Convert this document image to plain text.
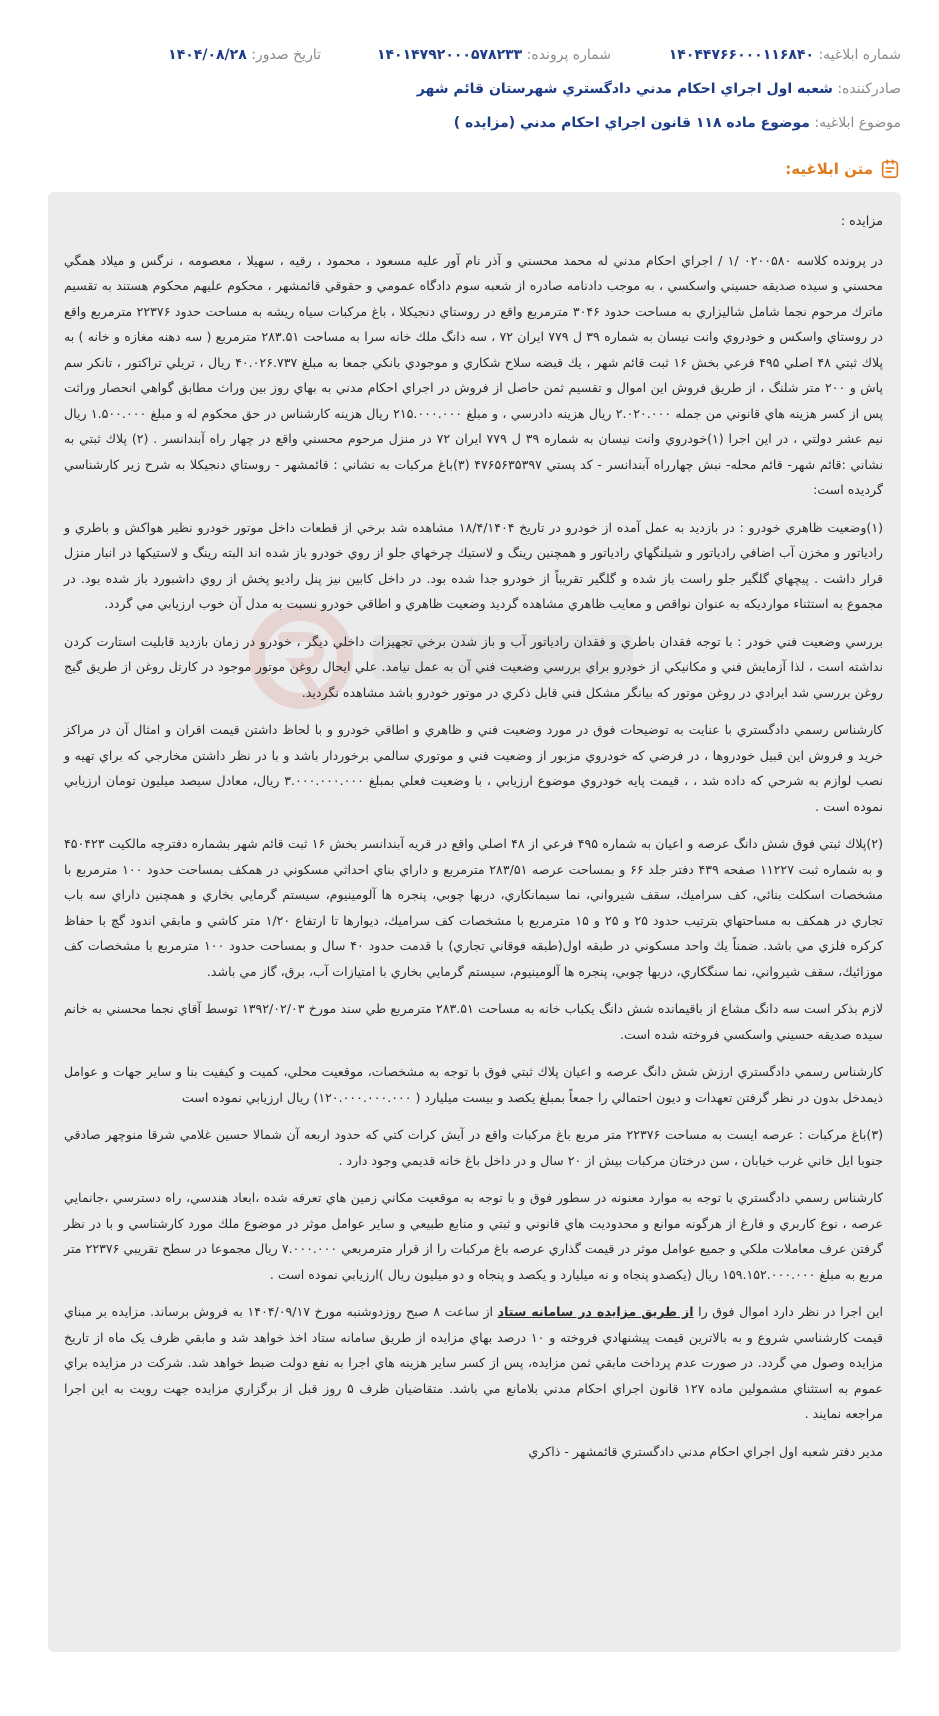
شماره ابلاغيه: ۱۴۰۴۴۷۶۶۰۰۰۱۱۶۸۴۰
شماره پرونده: ۱۴۰۱۴۷۹۲۰۰۰۵۷۸۲۳۳
تاريخ صدور: ۱۴۰۴/۰۸/۲۸
صادركننده: شعبه اول اجراي احكام مدني دادگستري شهرستان قائم شهر
موضوع ابلاغيه: موضوع ماده ۱۱۸ قانون اجراي احكام مدني (مزايده )
متن ابلاغيه:

مزايده :

در پرونده كلاسه ۰۲۰۰۵۸۰ /۱ / اجراي احكام مدني له محمد محسني و آذر نام آور عليه مسعود ، محمود ، رقيه ، سهيلا ، معصومه ، نرگس و ميلاد همگي محسني و سيده صديقه حسيني واسكسي ، به موجب دادنامه صادره از شعبه سوم دادگاه عمومي و حقوقي قائمشهر ، محكوم عليهم محكوم هستند به تقسيم ماترك مرحوم نجما شامل شاليزاري به مساحت حدود ۳۰۴۶ مترمربع واقع در روستاي دنجيكلا ، باغ مركبات سياه ريشه به مساحت حدود ۲۲۳۷۶ مترمربع واقع در روستاي واسكس و خودروي وانت نيسان به شماره ۳۹ ل ۷۷۹ ايران ۷۲ ، سه دانگ ملك خانه سرا به مساحت ۲۸۳.۵۱ مترمربع ( سه دهنه مغازه و خانه ) به پلاك ثبتي ۴۸ اصلي ۴۹۵ فرعي بخش ۱۶ ثبت قائم شهر ، يك قبضه سلاح شكاري و موجودي بانكي جمعا به مبلغ ۴۰.۰۲۶.۷۳۷ ريال ، تريلي تراكتور ، تانكر سم پاش و ۲۰۰ متر شلنگ ، از طريق فروش اين اموال و تقسيم ثمن حاصل از فروش در اجراي احكام مدني به بهاي روز بين وراث مطابق گواهي انحصار وراثت پس از كسر هزينه هاي قانوني من جمله ۲.۰۲۰.۰۰۰ ريال هزينه دادرسي ، و مبلغ ۲۱۵.۰۰۰.۰۰۰ ريال هزينه كارشناس در حق محكوم له و مبلغ ۱.۵۰۰.۰۰۰ ريال نيم عشر دولتي ، در اين اجرا (۱)خودروي وانت نيسان به شماره ۳۹ ل ۷۷۹ ايران ۷۲ در منزل مرحوم محسني واقع در چهار راه آبندانسر . (۲) پلاك ثبتي به نشاني :قائم شهر- قائم محله- نبش چهارراه آبندانسر - كد پستي ۴۷۶۵۶۳۵۳۹۷ (۳)باغ مركبات به نشاني : قائمشهر - روستاي دنجيكلا به شرح زير كارشناسي گرديده است:

(۱)وضعيت ظاهري خودرو : در بازديد به عمل آمده از خودرو در تاريخ ۱۸/۴/۱۴۰۴ مشاهده شد برخي از قطعات داخل موتور خودرو نظير هواكش و باطري و رادياتور و مخزن آب اضافي رادياتور و شيلنگهاي رادياتور و همچنين رينگ و لاستيك چرخهاي جلو از روي خودرو باز شده اند البته رينگ و لاستيكها در انبار منزل قرار داشت . پيچهاي گلگير جلو راست باز شده و گلگير تقريباً از خودرو جدا شده بود. در داخل كابين نيز پنل راديو پخش از روي داشبورد باز شده بود. در مجموع به استثناء مواردیكه به عنوان نواقص و معايب ظاهري مشاهده گرديد وضعيت ظاهري و اطاقي خودرو نسبت به مدل آن خوب ارزيابي مي گردد.

بررسي وضعيت فني خودر : با توجه فقدان باطري و فقدان رادياتور آب و باز شدن برخي تجهيزات داخلي ديگر ، خودرو در زمان بازديد قابليت استارت كردن نداشته است ، لذا آزمايش فني و مكانيكي از خودرو براي بررسي وضعيت فني آن به عمل نيامد. علي ايحال روغن موتور موجود در كارتل روغن از طريق گيج روغن بررسي شد ايرادي در روغن موتور كه بيانگر مشكل فني قابل ذكري در موتور خودرو باشد مشاهده نگرديد.

كارشناس رسمي دادگستري با عنايت به توضيحات فوق در مورد وضعيت فني و ظاهري و اطاقي خودرو و با لحاظ داشتن قيمت اقران و امثال آن در مراكز خريد و فروش اين قبيل خودروها ، در فرضي كه خودروي مزبور از وضعيت فني و موتوري سالمي برخوردار باشد و با در نظر داشتن مخارجي كه براي تهيه و نصب لوازم به شرحي كه داده شد ، ، قيمت پايه خودروي موضوع ارزيابي ، با وضعيت فعلي بمبلغ ۳.۰۰۰.۰۰۰.۰۰۰ ريال، معادل سيصد ميليون تومان ارزيابي نموده است .

(۲)پلاك ثبتي فوق شش دانگ عرصه و اعيان به شماره ۴۹۵ فرعي از ۴۸ اصلي واقع در قريه آبندانسر بخش ۱۶ ثبت قائم شهر بشماره دفترچه مالكيت ۴۵۰۴۲۳ و به شماره ثبت ۱۱۲۲۷ صفحه ۴۳۹ دفتر جلد ۶۶ و بمساحت عرصه ۲۸۳/۵۱ مترمربع و داراي بناي احداثي مسكوني در همكف بمساحت حدود ۱۰۰ مترمربع با مشخصات اسكلت بنائي، كف سراميك، سقف شيرواني، نما سيمانكاري، دربها چوبي، پنجره ها آلومينيوم، سيستم گرمايي بخاري و همچنين داراي سه باب تجاري در همكف به مساحتهاي بترتيب حدود ۲۵ و ۲۵ و ۱۵ مترمربع با مشخصات كف سراميك، ديوارها تا ارتفاع ۱/۲۰ متر كاشي و مابقي اندود گچ با حفاظ كركره فلزي مي باشد. ضمناً يك واحد مسكوني در طبقه اول(طبقه فوقاني تجاري) با قدمت حدود ۴۰ سال و بمساحت حدود ۱۰۰ مترمربع با مشخصات كف موزائيك، سقف شيرواني، نما سنگكاري، دربها چوبي، پنجره ها آلومينيوم، سيستم گرمايي بخاري با امتيازات آب، برق، گاز مي باشد.

لازم بذكر است سه دانگ مشاع از باقيمانده شش دانگ يكباب خانه به مساحت ۲۸۳.۵۱ مترمربع طي سند مورخ ۱۳۹۲/۰۲/۰۳ توسط آقاي نجما محسني به خانم سيده صديقه حسيني واسكسي فروخته شده است.

كارشناس رسمي دادگستري ارزش شش دانگ عرصه و اعيان پلاك ثبتي فوق با توجه به مشخصات، موقعيت محلي، كميت و كيفيت بنا و ساير جهات و عوامل ذيمدخل بدون در نظر گرفتن تعهدات و ديون احتمالي را جمعاً بمبلغ يكصد و بيست ميليارد ( ۱۲۰.۰۰۰.۰۰۰.۰۰۰) ريال ارزيابي نموده است

(۳)باغ مركبات : عرصه ايست به مساحت ۲۲۳۷۶ متر مربع باغ مركبات واقع در آيش كرات كتي كه حدود اربعه آن شمالا حسين غلامي شرقا منوچهر صادقي جنوبا ايل خاني غرب خيابان ، سن درختان مركبات بيش از ۲۰ سال و در داخل باغ خانه قديمي وجود دارد .

كارشناس رسمي دادگستري با توجه به موارد معنونه در سطور فوق و با توجه به موقعيت مكاني زمين هاي تعرفه شده ،ابعاد هندسي، راه دسترسي ،جانمايي عرصه ، نوع كاربري و فارغ از هرگونه موانع و محدوديت هاي قانوني و ثبتي و منابع طبيعي و ساير عوامل موثر در موضوع ملك مورد كارشناسي و با در نظر گرفتن عرف معاملات ملكي و جميع عوامل موثر در قيمت گذاري عرصه باغ مركبات را از قرار مترمربعي ۷.۰۰۰.۰۰۰ ريال مجموعا در سطح تقريبي ۲۲۳۷۶ متر مربع به مبلغ ۱۵۹.۱۵۲.۰۰۰.۰۰۰ ريال (يكصدو پنجاه و نه ميليارد و يكصد و پنجاه و دو ميليون ريال )ارزيابي نموده است .

اين اجرا در نظر دارد اموال فوق را از طريق مزايده در سامانه ستاد از ساعت ۸ صبح روزدوشنبه مورخ ۱۴۰۴/۰۹/۱۷ به فروش برساند. مزايده بر مبناي قيمت كارشناسي شروع و به بالاترين قيمت پيشنهادي فروخته و ۱۰ درصد بهاي مزايده از طريق سامانه ستاد اخذ خواهد شد و مابقي ظرف يک ماه از تاريخ مزايده وصول مي گردد. در صورت عدم پرداخت مابقي ثمن مزايده، پس از كسر ساير هزينه هاي اجرا به نفع دولت ضبط خواهد شد. شركت در مزايده براي عموم به استثناي مشمولين ماده ۱۲۷ قانون اجراي احكام مدني بلامانع مي باشد. متقاضيان ظرف ۵ روز قبل از برگزاري مزايده جهت رويت به اين اجرا مراجعه نمايند .

مدير دفتر شعبه اول اجراي احكام مدني دادگستري قائمشهر - ذاكري
